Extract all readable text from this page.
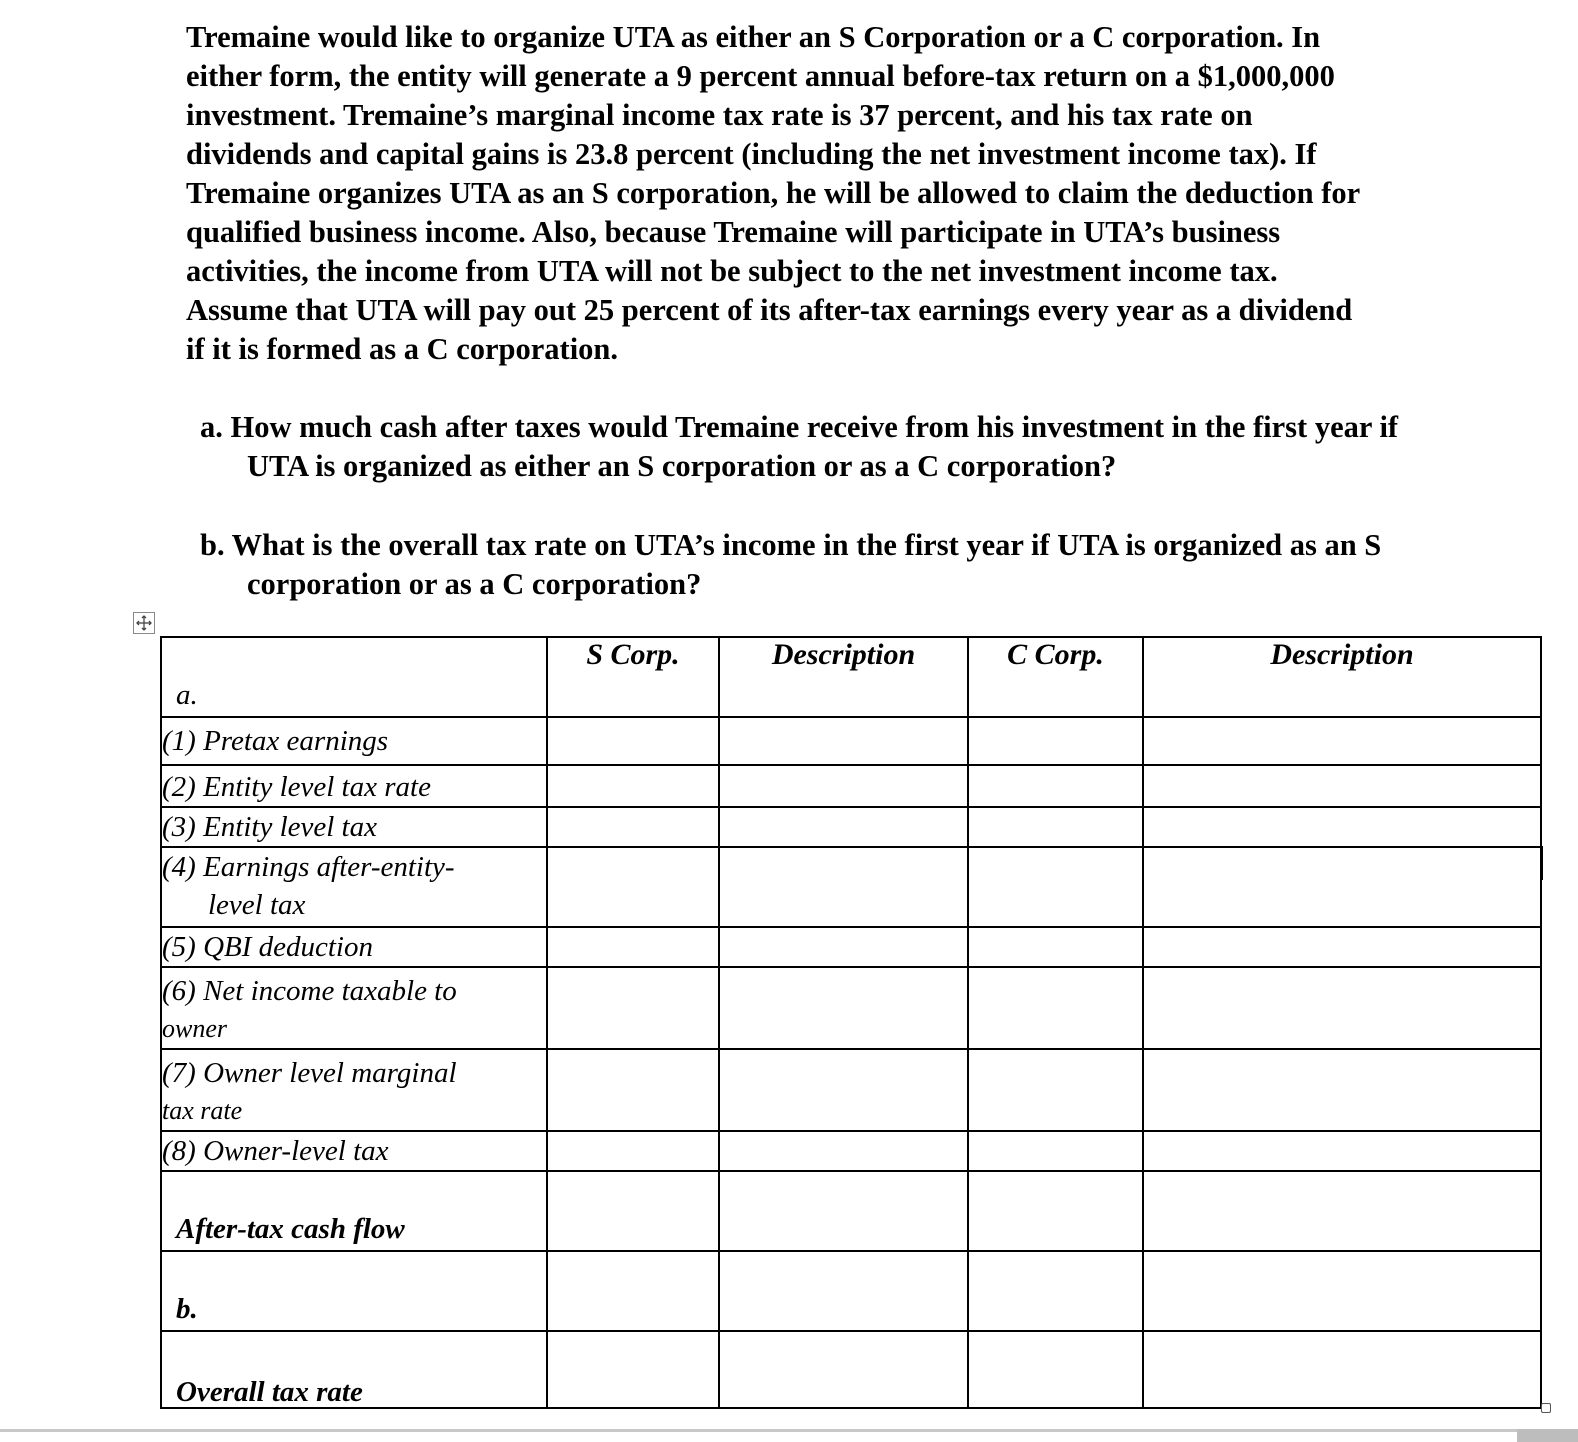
Tremaine would like to organize UTA as either an S Corporation or a C corporation. In
either form, the entity will generate a 9 percent annual before-tax return on a $1,000,000
investment. Tremaine’s marginal income tax rate is 37 percent, and his tax rate on
dividends and capital gains is 23.8 percent (including the net investment income tax). If
Tremaine organizes UTA as an S corporation, he will be allowed to claim the deduction for
qualified business income. Also, because Tremaine will participate in UTA’s business
activities, the income from UTA will not be subject to the net investment income tax.
Assume that UTA will pay out 25 percent of its after-tax earnings every year as a dividend
if it is formed as a C corporation.
a. How much cash after taxes would Tremaine receive from his investment in the first year if
UTA is organized as either an S corporation or as a C corporation?
b. What is the overall tax rate on UTA’s income in the first year if UTA is organized as an S
corporation or as a C corporation?
a.	S Corp.	Description	C Corp.	Description

(1) Pretax earnings				

(2) Entity level tax rate				

(3) Entity level tax				

(4) Earnings after-entity-
level tax				

(5) QBI deduction				

(6) Net income taxable to
owner				

(7) Owner level marginal
tax rate				

(8) Owner-level tax				

After-tax cash flow				

b.				

Overall tax rate				
